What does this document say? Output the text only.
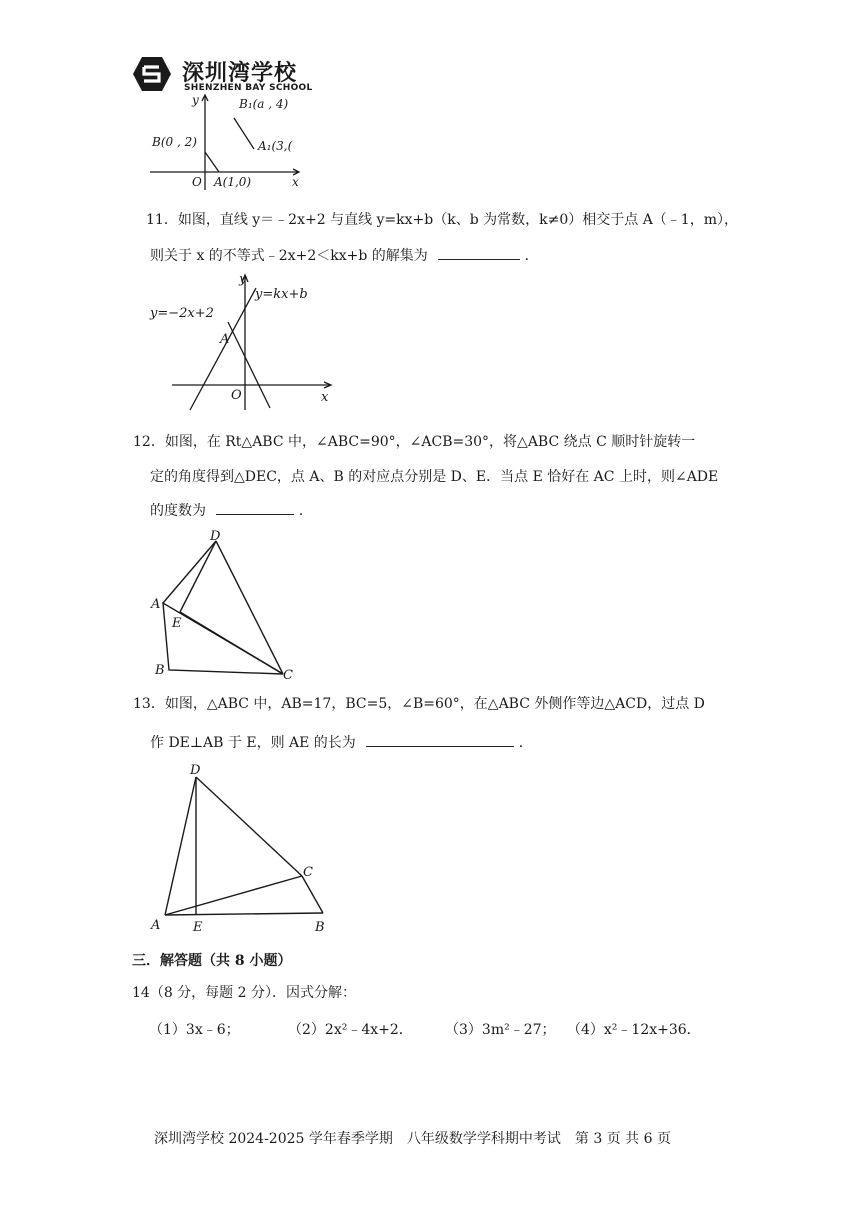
深圳湾学校
SHENZHEN BAY SCHOOL
y	B₁(a , 4)
B(0 , 2)	A₁(3,(
O A(1,0)	x
11．如图，直线 y＝﹣2x+2 与直线 y=kx+b（k、b 为常数，k≠0）相交于点 A（﹣1，m），
则关于 x 的不等式﹣2x+2＜kx+b 的解集为	．
y
y=kx+b
y=−2x+2
A
O	x
12．如图，在 Rt△ABC 中，∠ABC=90°，∠ACB=30°，将△ABC 绕点 C 顺时针旋转一
定的角度得到△DEC，点 A、B 的对应点分别是 D、E．当点 E 恰好在 AC 上时，则∠ADE
的度数为	．
D
A
E
B	C
13．如图，△ABC 中，AB=17，BC=5，∠B=60°，在△ABC 外侧作等边△ACD，过点 D
作 DE⊥AB 于 E，则 AE 的长为	．
D
C
A	E	B
三．解答题（共 8 小题）
14（8 分，每题 2 分）．因式分解：
（1）3x﹣6；	（2）2x²﹣4x+2． （3）3m²﹣27； （4）x²﹣12x+36．
深圳湾学校 2024-2025 学年春季学期　八年级数学学科期中考试　第 3 页 共 6 页
